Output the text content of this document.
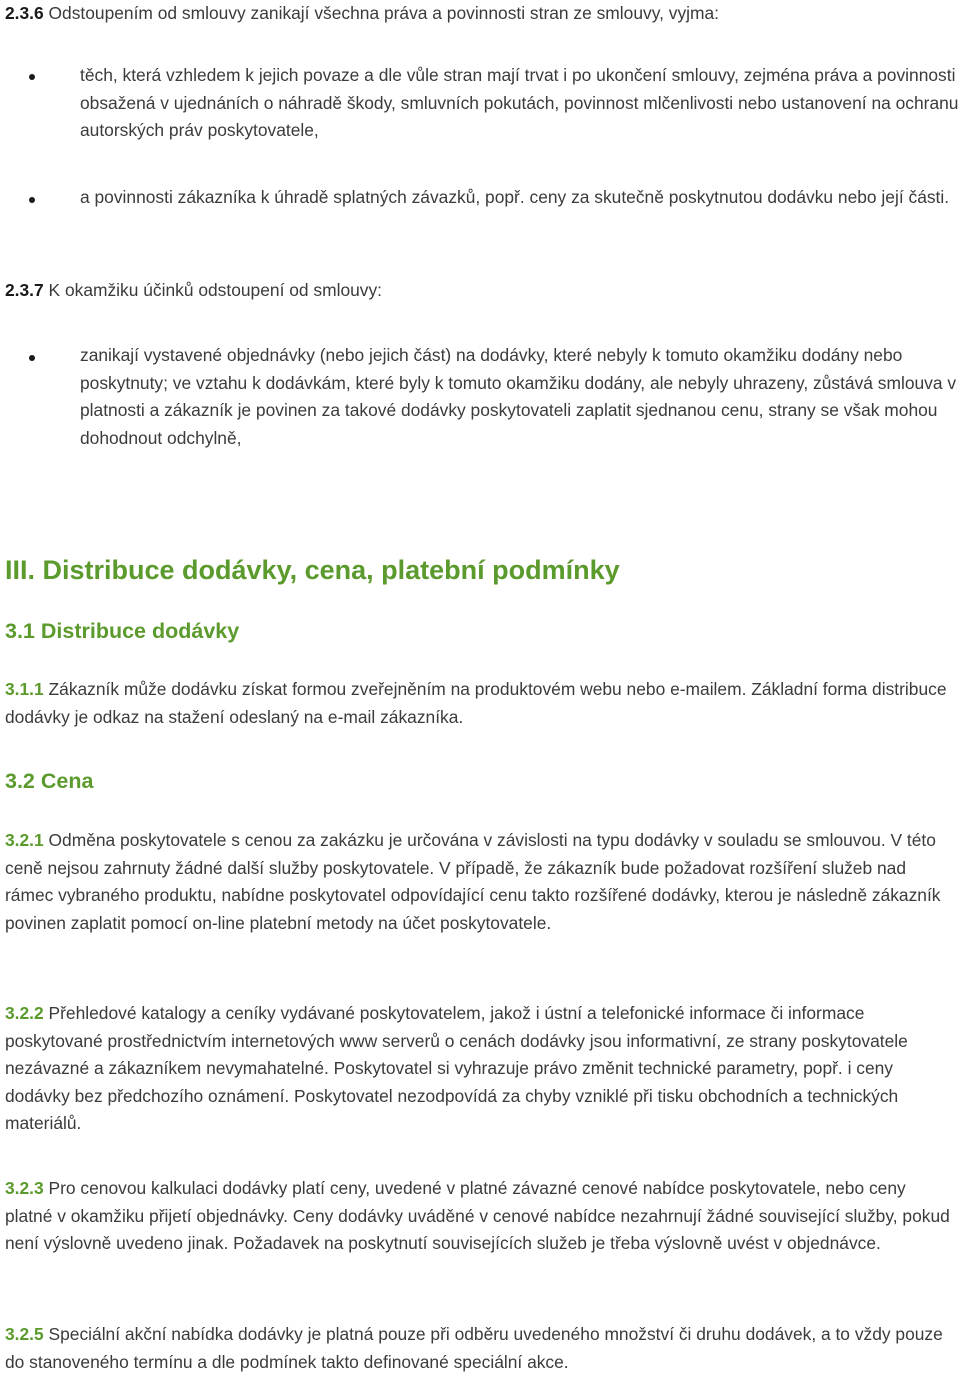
2.3.6 Odstoupením od smlouvy zanikají všechna práva a povinnosti stran ze smlouvy, vyjma:

těch, která vzhledem k jejich povaze a dle vůle stran mají trvat i po ukončení smlouvy, zejména práva a povinnosti obsažená v ujednáních o náhradě škody, smluvních pokutách, povinnost mlčenlivosti nebo ustanovení na ochranu autorských práv poskytovatele,

a povinnosti zákazníka k úhradě splatných závazků, popř. ceny za skutečně poskytnutou dodávku nebo její části.

2.3.7 K okamžiku účinků odstoupení od smlouvy:

zanikají vystavené objednávky (nebo jejich část) na dodávky, které nebyly k tomuto okamžiku dodány nebo poskytnuty; ve vztahu k dodávkám, které byly k tomuto okamžiku dodány, ale nebyly uhrazeny, zůstává smlouva v platnosti a zákazník je povinen za takové dodávky poskytovateli zaplatit sjednanou cenu, strany se však mohou dohodnout odchylně,

III. Distribuce dodávky, cena, platební podmínky
3.1 Distribuce dodávky

3.1.1 Zákazník může dodávku získat formou zveřejněním na produktovém webu nebo e-mailem. Základní forma distribuce dodávky je odkaz na stažení odeslaný na e-mail zákazníka.

3.2 Cena

3.2.1 Odměna poskytovatele s cenou za zakázku je určována v závislosti na typu dodávky v souladu se smlouvou. V této ceně nejsou zahrnuty žádné další služby poskytovatele. V případě, že zákazník bude požadovat rozšíření služeb nad rámec vybraného produktu, nabídne poskytovatel odpovídající cenu takto rozšířené dodávky, kterou je následně zákazník povinen zaplatit pomocí on-line platební metody na účet poskytovatele.

3.2.2 Přehledové katalogy a ceníky vydávané poskytovatelem, jakož i ústní a telefonické informace či informace poskytované prostřednictvím internetových www serverů o cenách dodávky jsou informativní, ze strany poskytovatele nezávazné a zákazníkem nevymahatelné. Poskytovatel si vyhrazuje právo změnit technické parametry, popř. i ceny dodávky bez předchozího oznámení. Poskytovatel nezodpovídá za chyby vzniklé při tisku obchodních a technických materiálů.

3.2.3 Pro cenovou kalkulaci dodávky platí ceny, uvedené v platné závazné cenové nabídce poskytovatele, nebo ceny platné v okamžiku přijetí objednávky. Ceny dodávky uváděné v cenové nabídce nezahrnují žádné související služby, pokud není výslovně uvedeno jinak. Požadavek na poskytnutí souvisejících služeb je třeba výslovně uvést v objednávce.

3.2.5 Speciální akční nabídka dodávky je platná pouze při odběru uvedeného množství či druhu dodávek, a to vždy pouze do stanoveného termínu a dle podmínek takto definované speciální akce.
